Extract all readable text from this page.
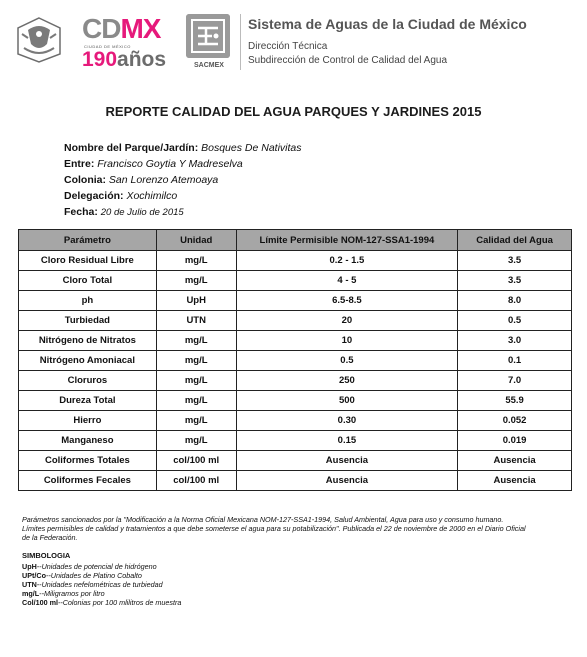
CDMX
CIUDAD DE MÉXICO
190años	SACMEX
Sistema de Aguas de la Ciudad de México
Dirección Técnica
Subdirección de Control de Calidad del Agua
REPORTE CALIDAD DEL AGUA PARQUES Y JARDINES 2015
Nombre del Parque/Jardín: Bosques De Nativitas
Entre: Francisco Goytia Y Madreselva
Colonia: San Lorenzo Atemoaya
Delegación: Xochimilco
Fecha: 20 de Julio de 2015
Parámetro	Unidad	Límite Permisible NOM-127-SSA1-1994	Calidad del Agua
Cloro Residual Libre	mg/L	0.2 - 1.5	3.5
Cloro Total	mg/L	4 - 5	3.5
ph	UpH	6.5-8.5	8.0
Turbiedad	UTN	20	0.5
Nitrógeno de Nitratos	mg/L	10	3.0
Nitrógeno Amoniacal	mg/L	0.5	0.1
Cloruros	mg/L	250	7.0
Dureza Total	mg/L	500	55.9
Hierro	mg/L	0.30	0.052
Manganeso	mg/L	0.15	0.019
Coliformes Totales	col/100 ml	Ausencia	Ausencia
Coliformes Fecales	col/100 ml	Ausencia	Ausencia
Parámetros sancionados por la "Modificación a la Norma Oficial Mexicana NOM-127-SSA1-1994, Salud Ambiental, Agua para uso y consumo humano. Límites permisibles de calidad y tratamientos a que debe someterse el agua para su potabilización". Publicada el 22 de noviembre de 2000 en el Diario Oficial de la Federación.
SIMBOLOGIA
UpH--Unidades de potencial de hidrógeno
UPt/Co--Unidades de Platino Cobalto
UTN--Unidades nefelométricas de turbiedad
mg/L--Miligramos por litro
Col/100 ml--Colonias por 100 mlilitros de muestra
